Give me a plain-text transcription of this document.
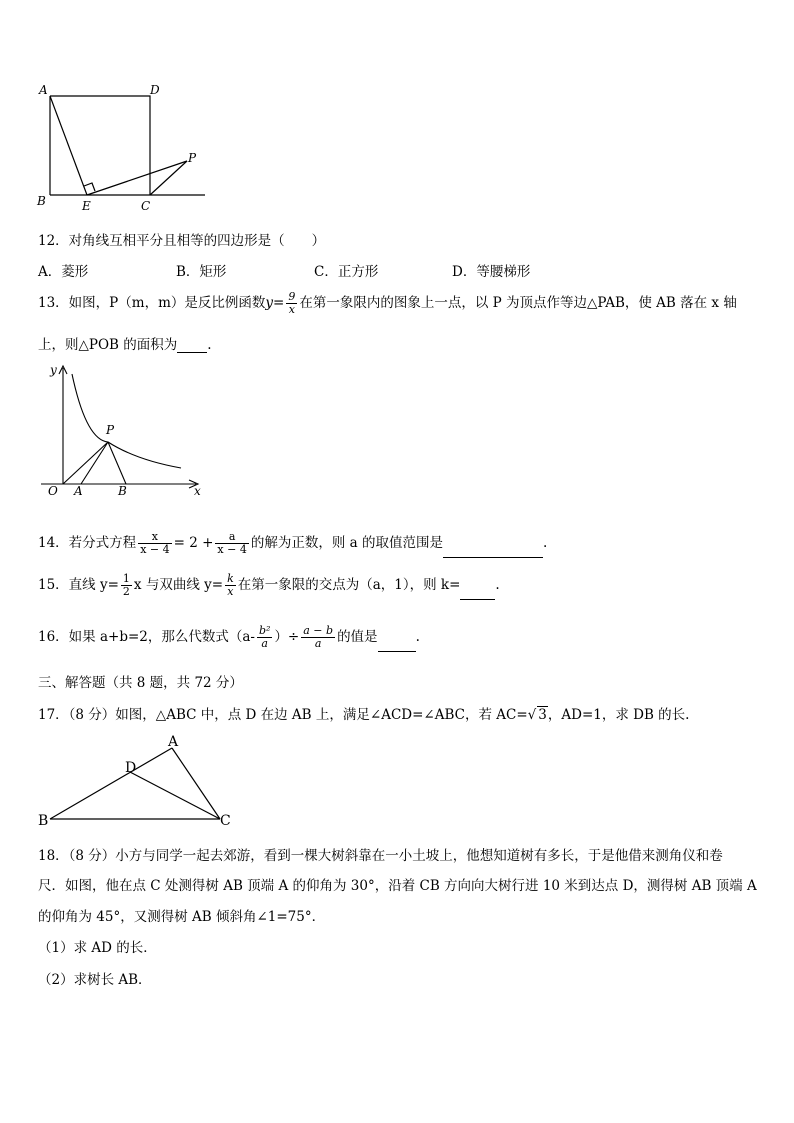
A	D
B	E	C
P
12．对角线互相平分且相等的四边形是（　　）
A．菱形	B．矩形	C．正方形	D．等腰梯形
13．如图，P（m，m）是反比例函数$y= \frac{9}{x}$ 在第一象限内的图象上一点，以 P 为顶点作等边△PAB，使 AB 落在 x 轴
上，则△POB 的面积为 .
y
x
O A	B
P
14．若分式方程 $\frac{x}{x - 4} = 2 + \frac{a}{x - 4}$ 的解为正数，则 a 的取值范围是	.
15．直线 $y= \frac{1}{2}$ x 与双曲线 $y= \frac{k}{x}$ 在第一象限的交点为（a，1），则 k=	.
16．如果 a+b=2，那么代数式（$a- \frac{\text{b²}}{a}$ ）÷ $\frac{a - b}{a}$ 的值是	.
三、解答题（共 8 题，共 72 分）
17．（8 分）如图，△ABC 中，点 D 在边 AB 上，满足∠ACD=∠ABC，若 AC=√ 3，AD=1，求 DB 的长.
A
D
B	C
18．（8 分）小方与同学一起去郊游，看到一棵大树斜靠在一小土坡上，他想知道树有多长，于是他借来测角仪和卷
尺．如图，他在点 C 处测得树 AB 顶端 A 的仰角为 30°，沿着 CB 方向向大树行进 10 米到达点 D，测得树 AB 顶端 A
的仰角为 45°，又测得树 AB 倾斜角∠1=75°．
（1）求 AD 的长．
（2）求树长 AB．
